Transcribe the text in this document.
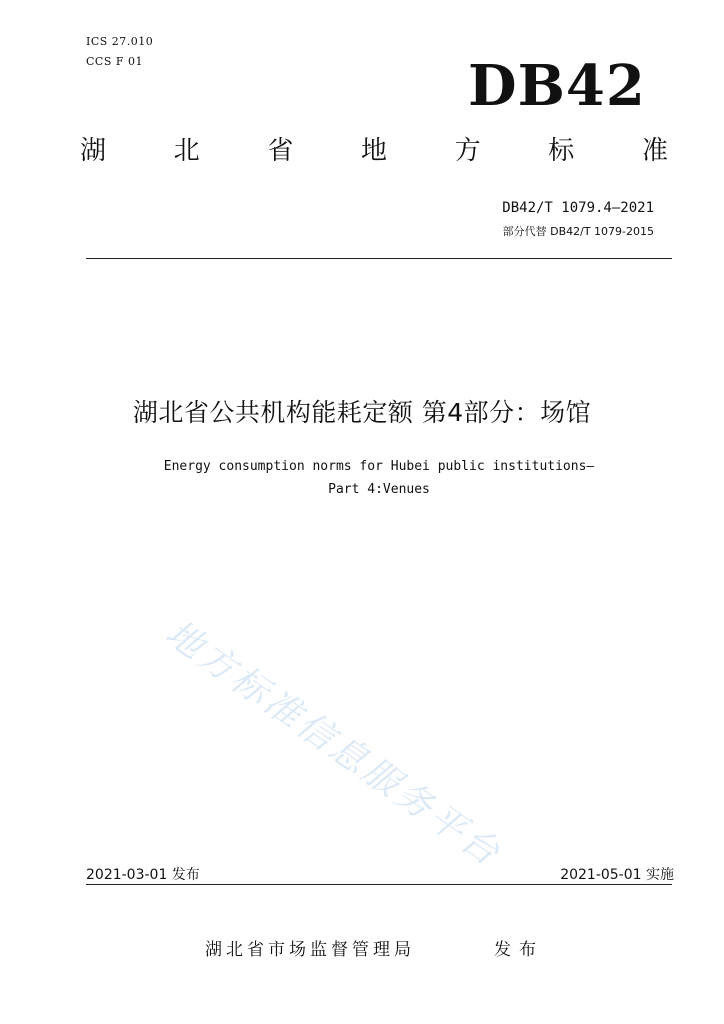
ICS 27.010
CCS F 01	DB42
湖	北	省	地	方	标	准
DB42/T 1079.4—2021
部分代替 DB42/T 1079-2015
湖北省公共机构能耗定额 第4部分：场馆
Energy consumption norms for Hubei public institutions—
Part 4:Venues
地方标准信息服务平台
2021-03-01 发布	2021-05-01 实施
湖北省市场监督管理局	发布
